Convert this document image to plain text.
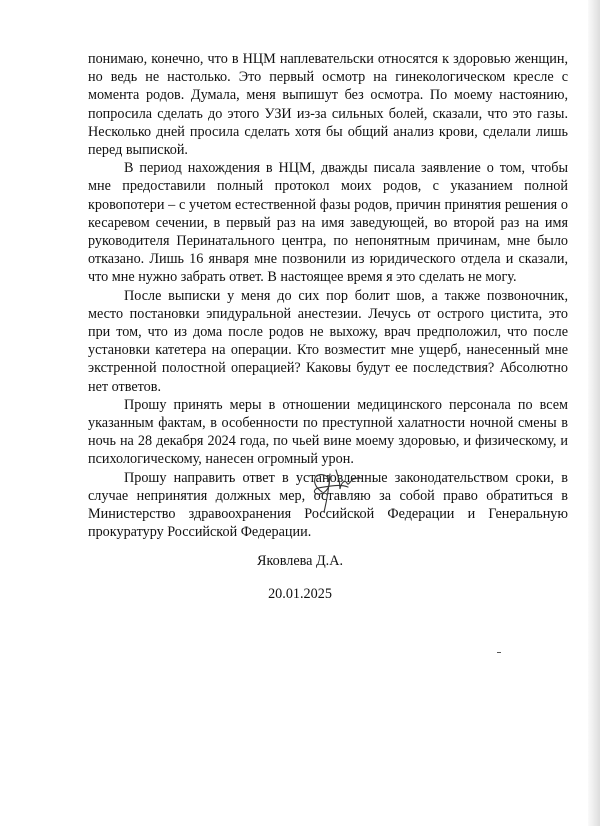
понимаю, конечно, что в НЦМ наплевательски относятся к здоровью женщин, но ведь не настолько. Это первый осмотр на гинекологическом кресле с момента родов. Думала, меня выпишут без осмотра. По моему настоянию, попросила сделать до этого УЗИ из-за сильных болей, сказали, что это газы. Несколько дней просила сделать хотя бы общий анализ крови, сделали лишь перед выпиской.

В период нахождения в НЦМ, дважды писала заявление о том, чтобы мне предоставили полный протокол моих родов, с указанием полной кровопотери – с учетом естественной фазы родов, причин принятия решения о кесаревом сечении, в первый раз на имя заведующей, во второй раз на имя руководителя Перинатального центра, по непонятным причинам, мне было отказано. Лишь 16 января мне позвонили из юридического отдела и сказали, что мне нужно забрать ответ. В настоящее время я это сделать не могу.

После выписки у меня до сих пор болит шов, а также позвоночник, место постановки эпидуральной анестезии. Лечусь от острого цистита, это при том, что из дома после родов не выхожу, врач предположил, что после установки катетера на операции. Кто возместит мне ущерб, нанесенный мне экстренной полостной операцией? Каковы будут ее последствия? Абсолютно нет ответов.

Прошу принять меры в отношении медицинского персонала по всем указанным фактам, в особенности по преступной халатности ночной смены в ночь на 28 декабря 2024 года, по чьей вине моему здоровью, и физическому, и психологическому, нанесен огромный урон.

Прошу направить ответ в установленные законодательством сроки, в случае непринятия должных мер, оставляю за собой право обратиться в Министерство здравоохранения Российской Федерации и Генеральную прокуратуру Российской Федерации.

Яковлева Д.А.
20.01.2025
